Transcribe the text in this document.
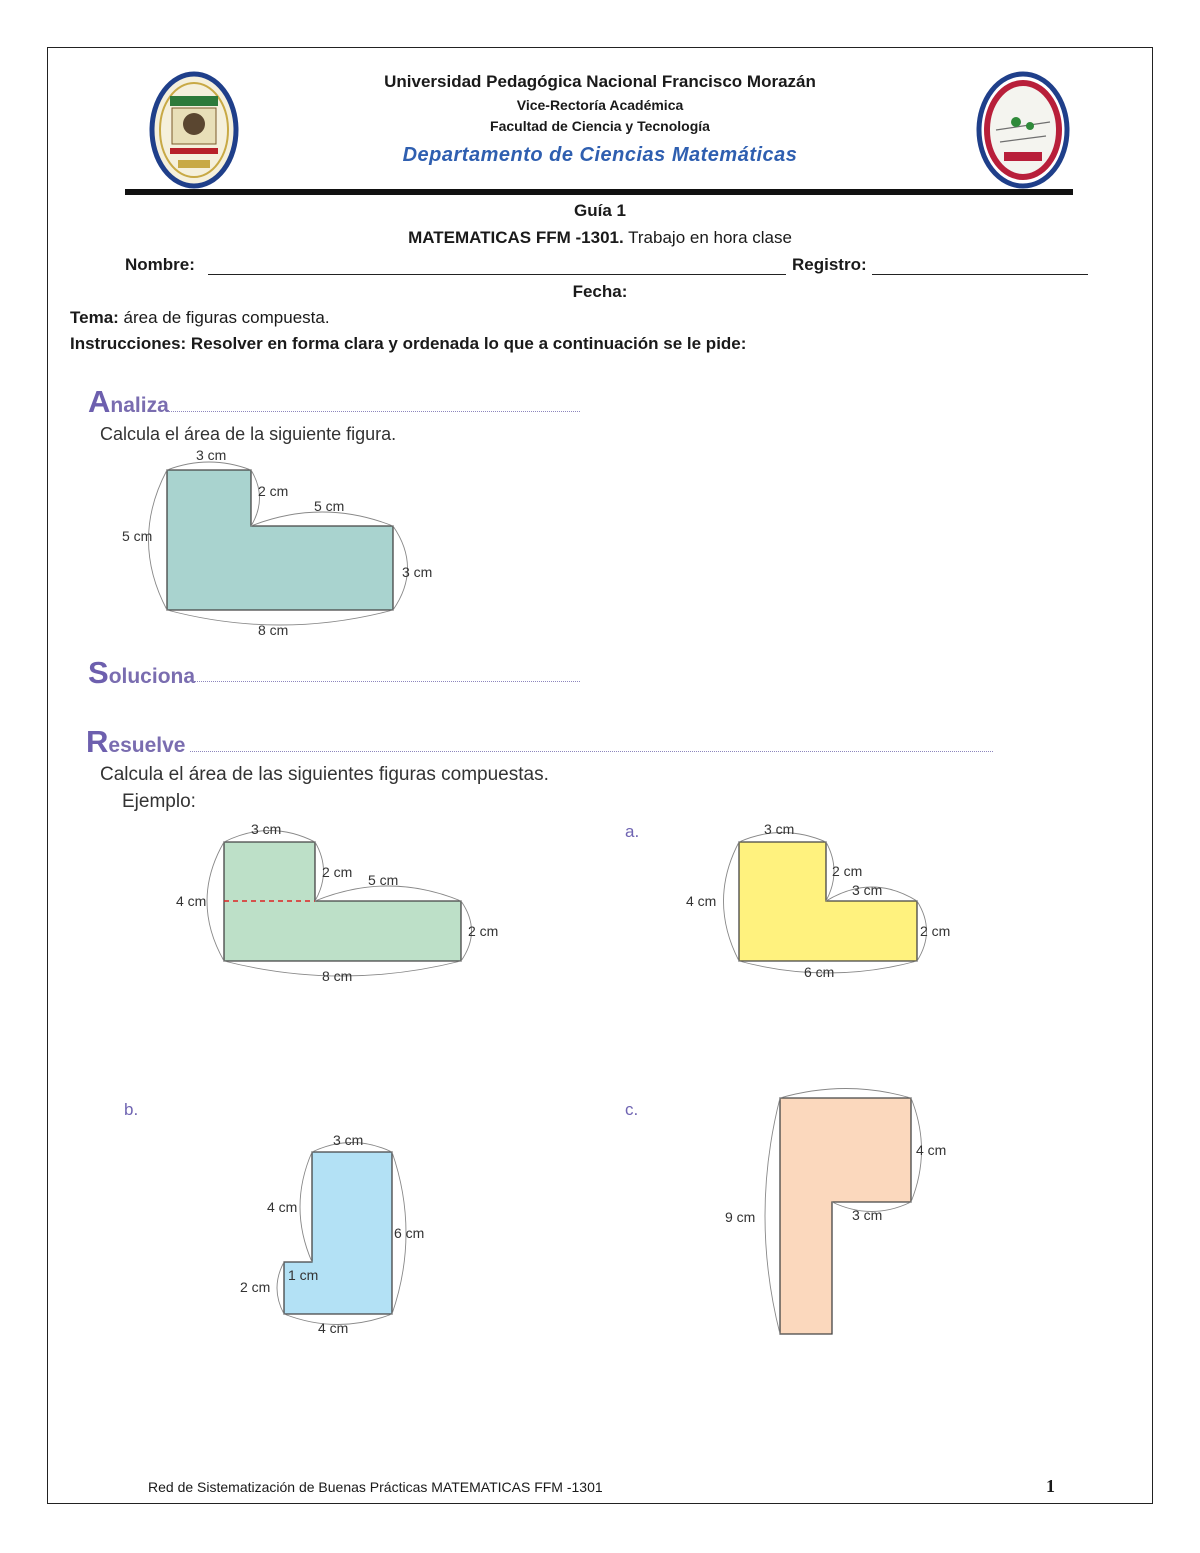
Universidad Pedagógica Nacional Francisco Morazán
Vice-Rectoría Académica
Facultad de Ciencia y Tecnología
Departamento de Ciencias Matemáticas
Guía 1
MATEMATICAS FFM -1301. Trabajo en hora clase
Nombre:	Registro:
Fecha:
Tema: área de figuras compuesta.
Instrucciones: Resolver en forma clara y ordenada lo que a continuación se le pide:
Analiza
Calcula el área de la siguiente figura.
3 cm
2 cm
5 cm
5 cm
3 cm
8 cm
Soluciona
Resuelve
Calcula el área de las siguientes figuras compuestas.
Ejemplo:
3 cm
2 cm 5 cm
4 cm
2 cm
8 cm
a.	3 cm
2 cm
3 cm
4 cm
2 cm
6 cm
b.
3 cm
4 cm
6 cm
1 cm
2 cm
4 cm
c.
4 cm
9 cm	3 cm
Red de Sistematización de Buenas Prácticas MATEMATICAS FFM -1301	1
